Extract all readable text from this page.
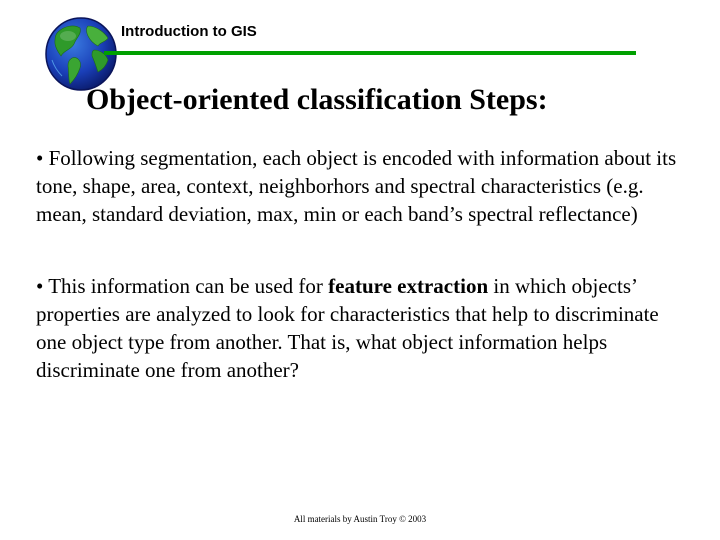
Introduction to GIS
Object-oriented classification Steps:

• Following segmentation, each object is encoded with information about its tone, shape, area, context, neighborhors and spectral characteristics (e.g. mean, standard deviation, max, min or each band’s spectral reflectance)

• This information can be used for feature extraction in which objects’ properties are analyzed to look for characteristics that help to discriminate one object type from another. That is, what object information helps discriminate one from another?

All materials by Austin Troy © 2003
